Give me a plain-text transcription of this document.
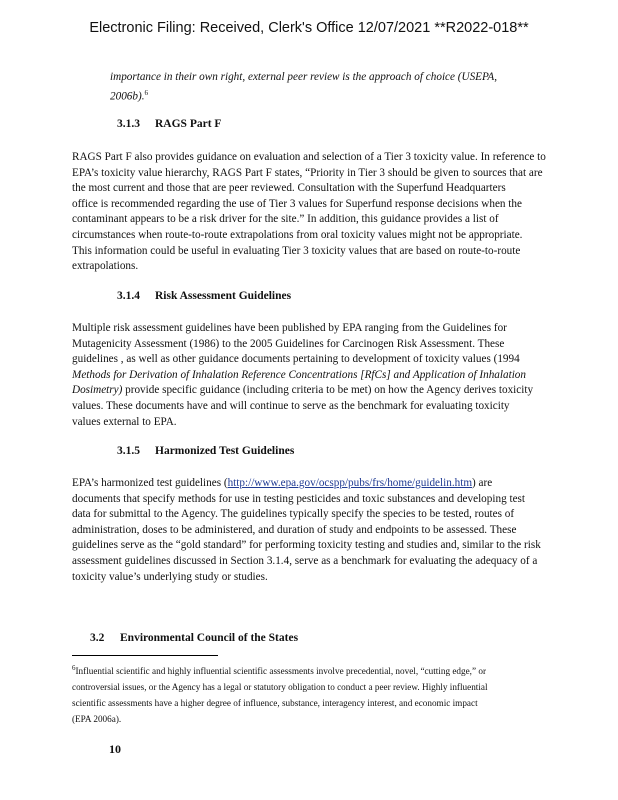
Electronic Filing: Received, Clerk's Office 12/07/2021 **R2022-018**
importance in their own right, external peer review is the approach of choice (USEPA,
2006b).$^6$
3.1.3 RAGS Part F
RAGS Part F also provides guidance on evaluation and selection of a Tier 3 toxicity value. In reference to
EPA’s toxicity value hierarchy, RAGS Part F states, “Priority in Tier 3 should be given to sources that are
the most current and those that are peer reviewed. Consultation with the Superfund Headquarters
office is recommended regarding the use of Tier 3 values for Superfund response decisions when the
contaminant appears to be a risk driver for the site.” In addition, this guidance provides a list of
circumstances when route-to-route extrapolations from oral toxicity values might not be appropriate.
This information could be useful in evaluating Tier 3 toxicity values that are based on route-to-route
extrapolations.
3.1.4 Risk Assessment Guidelines
Multiple risk assessment guidelines have been published by EPA ranging from the Guidelines for
Mutagenicity Assessment (1986) to the 2005 Guidelines for Carcinogen Risk Assessment. These
guidelines , as well as other guidance documents pertaining to development of toxicity values (1994
Methods for Derivation of Inhalation Reference Concentrations [RfCs] and Application of Inhalation
Dosimetry) provide specific guidance (including criteria to be met) on how the Agency derives toxicity
values. These documents have and will continue to serve as the benchmark for evaluating toxicity
values external to EPA.
3.1.5 Harmonized Test Guidelines
EPA’s harmonized test guidelines (http://www.epa.gov/ocspp/pubs/frs/home/guidelin.htm) are
documents that specify methods for use in testing pesticides and toxic substances and developing test
data for submittal to the Agency. The guidelines typically specify the species to be tested, routes of
administration, doses to be administered, and duration of study and endpoints to be assessed. These
guidelines serve as the “gold standard” for performing toxicity testing and studies and, similar to the risk
assessment guidelines discussed in Section 3.1.4, serve as a benchmark for evaluating the adequacy of a
toxicity value’s underlying study or studies.
3.2 Environmental Council of the States
$^6$Influential scientific and highly influential scientific assessments involve precedential, novel, “cutting edge,” or
controversial issues, or the Agency has a legal or statutory obligation to conduct a peer review. Highly influential
scientific assessments have a higher degree of influence, substance, interagency interest, and economic impact
(EPA 2006a).
10
